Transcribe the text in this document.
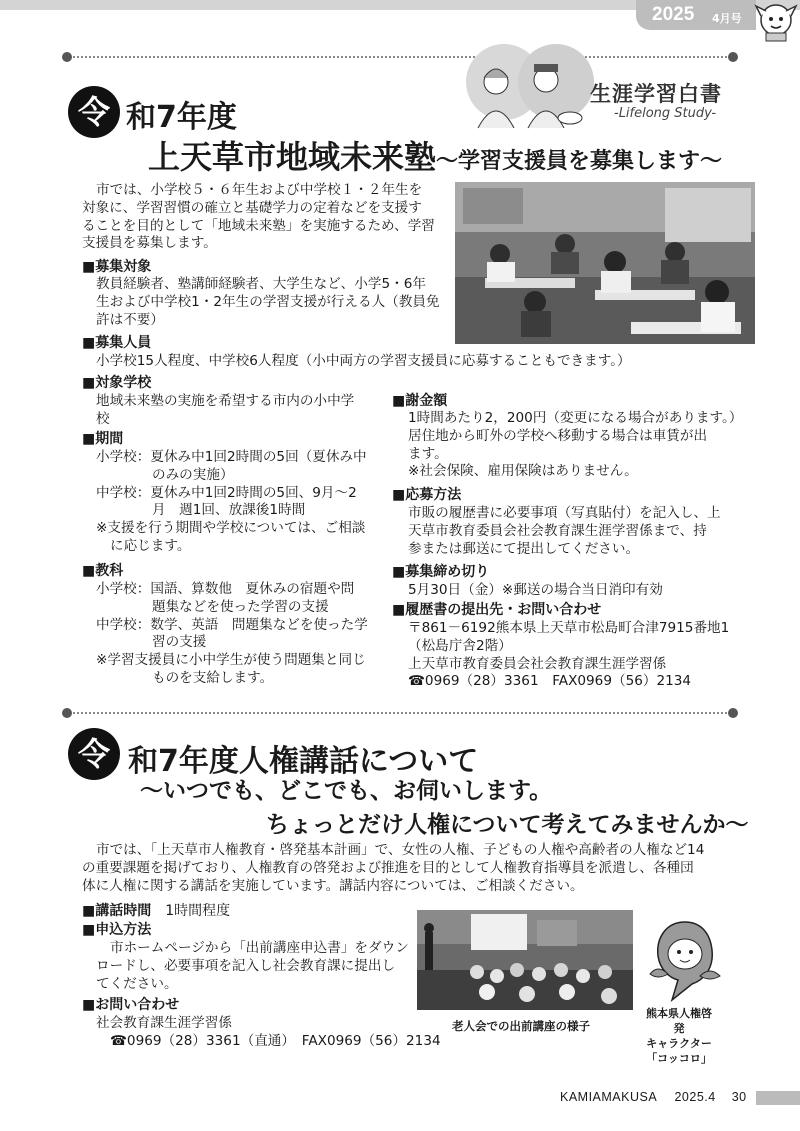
2025 4月号
生涯学習白書
-Lifelong Study-
令 和7年度
上天草市地域未来塾～学習支援員を募集します～
市では、小学校５・６年生および中学校１・２年生を
対象に、学習習慣の確立と基礎学力の定着などを支援す
ることを目的として「地域未来塾」を実施するため、学習
支援員を募集します。
■募集対象
教員経験者、塾講師経験者、大学生など、小学5・6年
生および中学校1・2年生の学習支援が行える人（教員免
許は不要）
■募集人員
小学校15人程度、中学校6人程度（小中両方の学習支援員に応募することもできます。）
■対象学校
地域未来塾の実施を希望する市内の小中学
校
■期間
小学校：夏休み中1回2時間の5回（夏休み中
のみの実施）
中学校：夏休み中1回2時間の5回、9月～2
月　週1回、放課後1時間
※支援を行う期間や学校については、ご相談
に応じます。
■教科
小学校：国語、算数他　夏休みの宿題や問
題集などを使った学習の支援
中学校：数学、英語　問題集などを使った学
習の支援
※学習支援員に小中学生が使う問題集と同じ
ものを支給します。
■謝金額
1時間あたり2，200円（変更になる場合があります。）
居住地から町外の学校へ移動する場合は車賃が出
ます。
※社会保険、雇用保険はありません。
■応募方法
市販の履歴書に必要事項（写真貼付）を記入し、上
天草市教育委員会社会教育課生涯学習係まで、持
参または郵送にて提出してください。
■募集締め切り
5月30日（金）※郵送の場合当日消印有効
■履歴書の提出先・お問い合わせ
〒861－6192熊本県上天草市松島町合津7915番地1
（松島庁舎2階）
上天草市教育委員会社会教育課生涯学習係
☎0969（28）3361　FAX0969（56）2134
令 和7年度人権講話について
～いつでも、どこでも、お伺いします。
ちょっとだけ人権について考えてみませんか～
市では、「上天草市人権教育・啓発基本計画」で、女性の人権、子どもの人権や高齢者の人権など14
の重要課題を掲げており、人権教育の啓発および推進を目的として人権教育指導員を派遣し、各種団
体に人権に関する講話を実施しています。講話内容については、ご相談ください。
■講話時間 1時間程度
■申込方法
市ホームページから「出前講座申込書」をダウン
ロードし、必要事項を記入し社会教育課に提出し
てください。
■お問い合わせ
社会教育課生涯学習係
☎0969（28）3361（直通）　FAX0969（56）2134
老人会での出前講座の様子
熊本県人権啓発
キャラクター
「コッコロ」
KAMIAMAKUSA 2025.4 30
